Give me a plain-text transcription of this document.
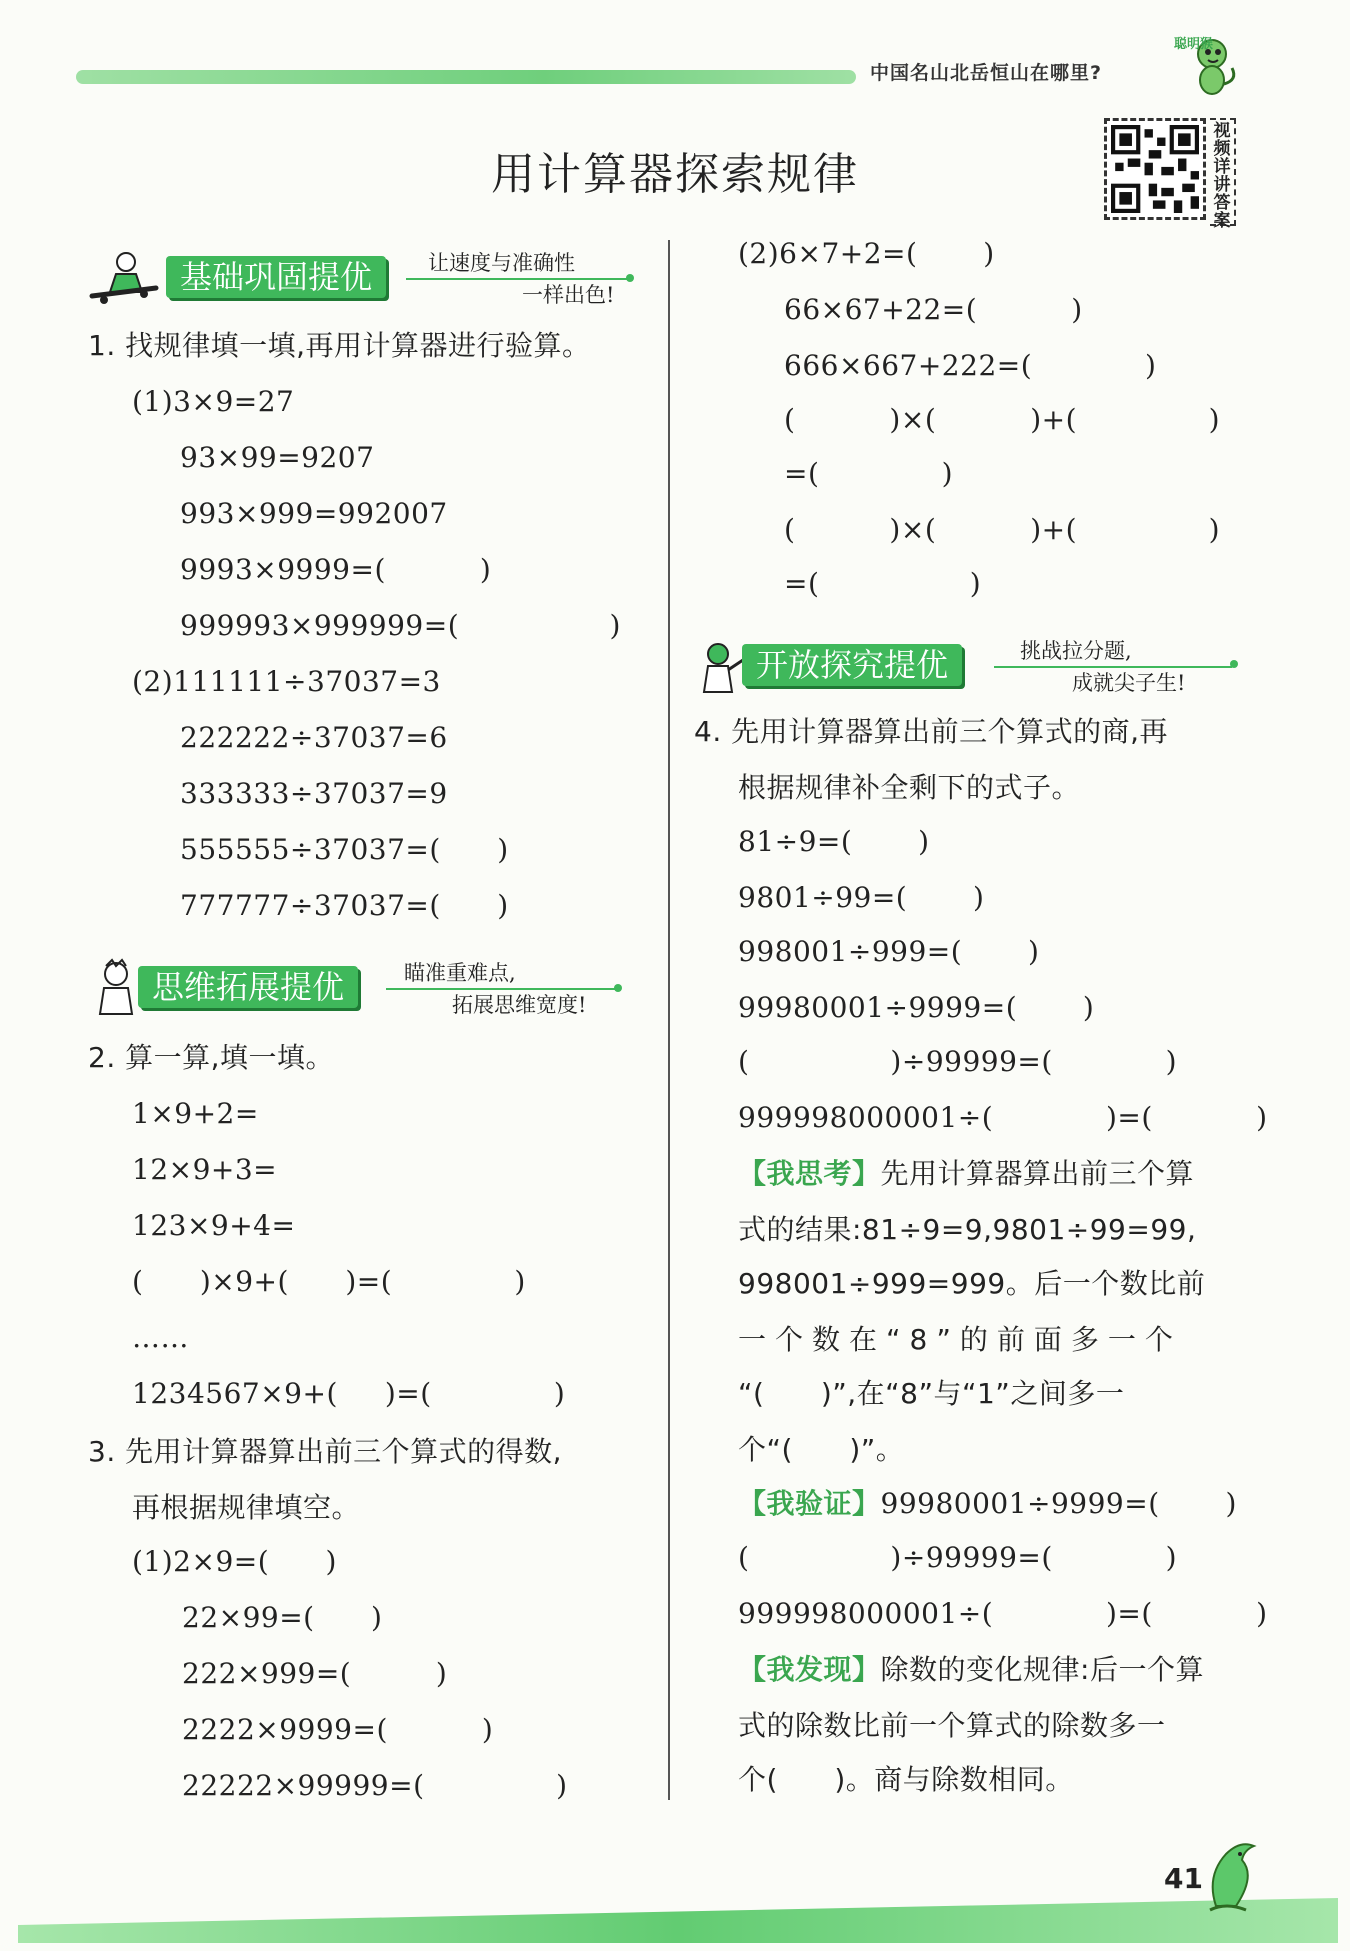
中国名山北岳恒山在哪里?
聪明猴
用计算器探索规律
视频详讲答案
基础巩固提优	让速度与准确性
一样出色!
思维拓展提优	瞄准重难点,
拓展思维宽度!
开放探究提优	挑战拉分题,
成就尖子生!
1. 找规律填一填,再用计算器进行验算。
(1)3×9=27
93×99=9207
993×999=992007
9993×9999=(          )
999993×999999=(                )
(2)111111÷37037=3
222222÷37037=6
333333÷37037=9
555555÷37037=(      )
777777÷37037=(      )
2. 算一算,填一填。
1×9+2=
12×9+3=
123×9+4=
(      )×9+(      )=(             )
……
1234567×9+(     )=(             )
3. 先用计算器算出前三个算式的得数,
再根据规律填空。
(1)2×9=(      )
22×99=(      )
222×999=(         )
2222×9999=(          )
22222×99999=(              )
(2)6×7+2=(       )
66×67+22=(          )
666×667+222=(            )
(          )×(          )+(              )
=(             )
(          )×(          )+(              )
=(                )
4. 先用计算器算出前三个算式的商,再
根据规律补全剩下的式子。
81÷9=(       )
9801÷99=(       )
998001÷999=(       )
99980001÷9999=(       )
(               )÷99999=(            )
999998000001÷(            )=(           )
【我思考】先用计算器算出前三个算
式的结果:81÷9=9,9801÷99=99,
998001÷999=999。后一个数比前
一个数在“8”的前面多一个
“(      )”,在“8”与“1”之间多一
个“(      )”。
【我验证】99980001÷9999=(       )
(               )÷99999=(            )
999998000001÷(            )=(           )
【我发现】除数的变化规律:后一个算
式的除数比前一个算式的除数多一
个(      )。商与除数相同。
41
